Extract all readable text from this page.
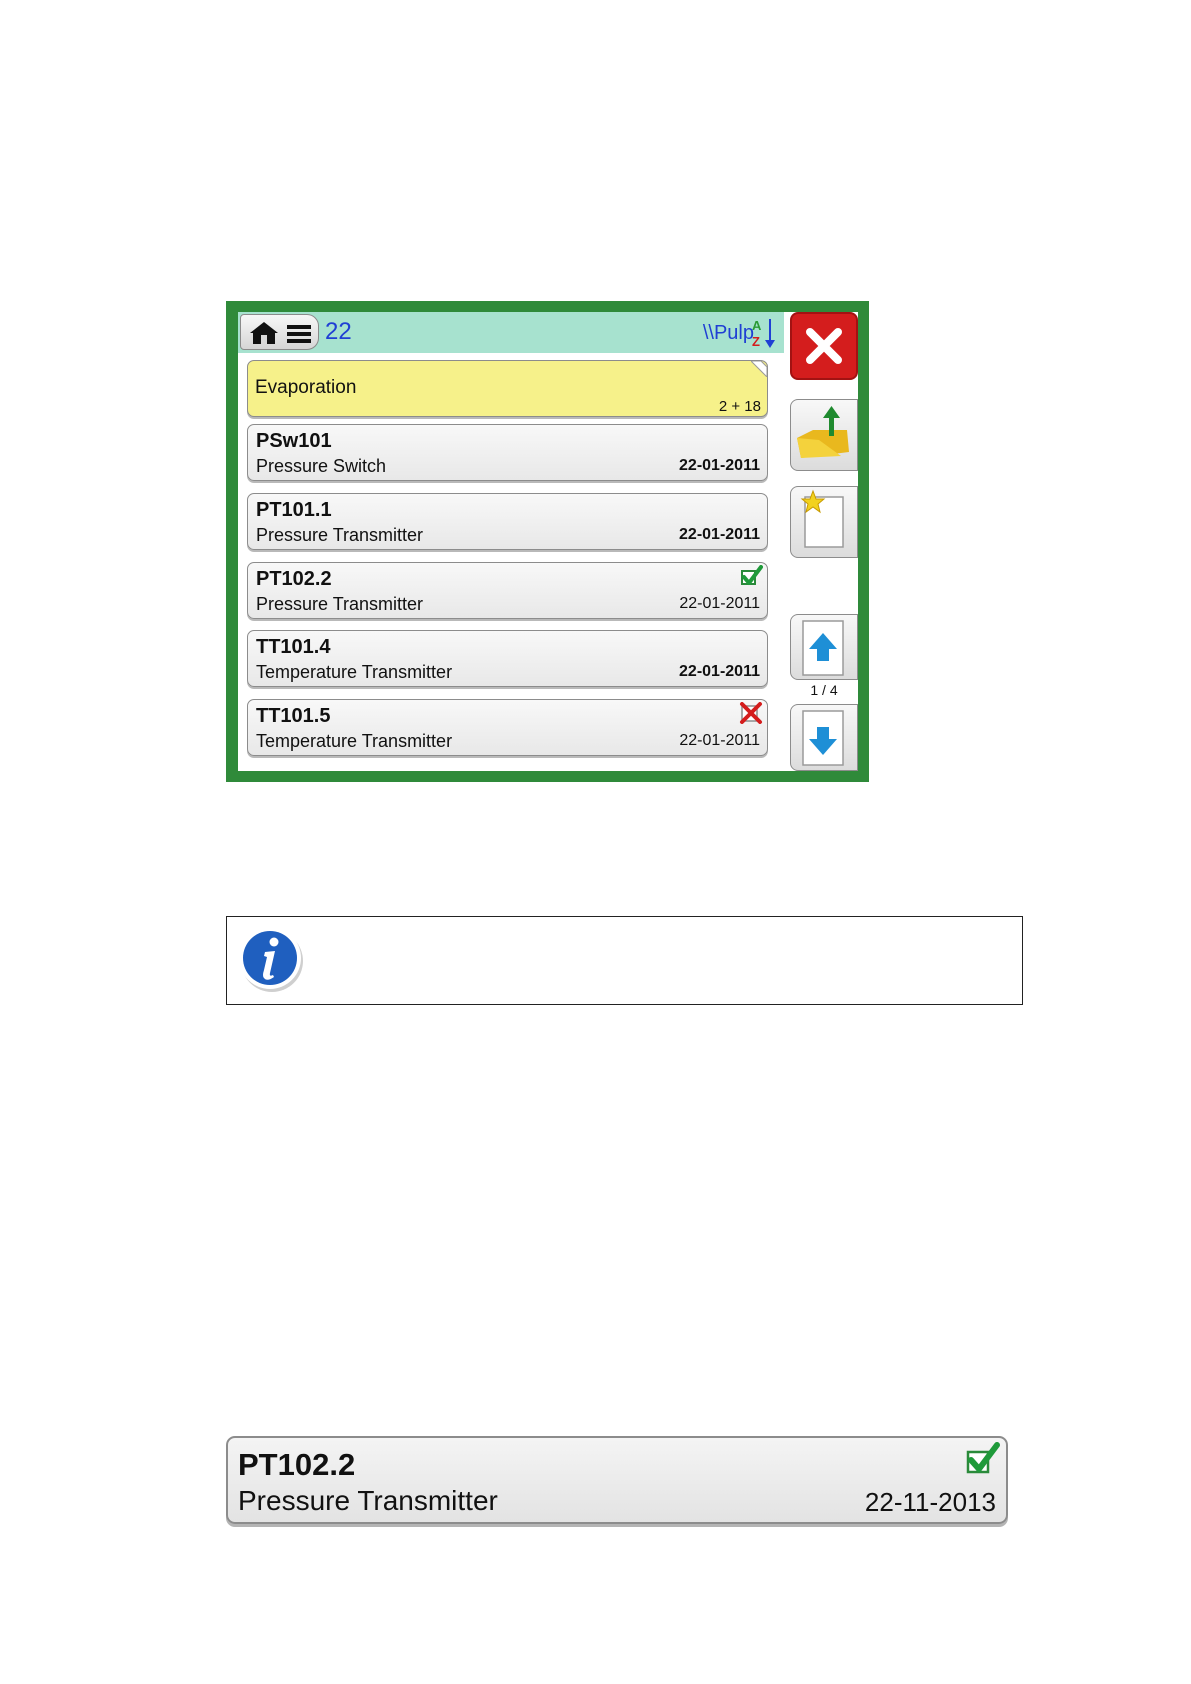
22	\\Pulp
A
Z
Evaporation
2 + 18
PSw101
Pressure Switch	22-01-2011
PT101.1
Pressure Transmitter	22-01-2011
PT102.2
Pressure Transmitter	22-01-2011
TT101.4
Temperature Transmitter	22-01-2011
TT101.5
Temperature Transmitter	22-01-2011
1 / 4
PT102.2
Pressure Transmitter	22-11-2013
